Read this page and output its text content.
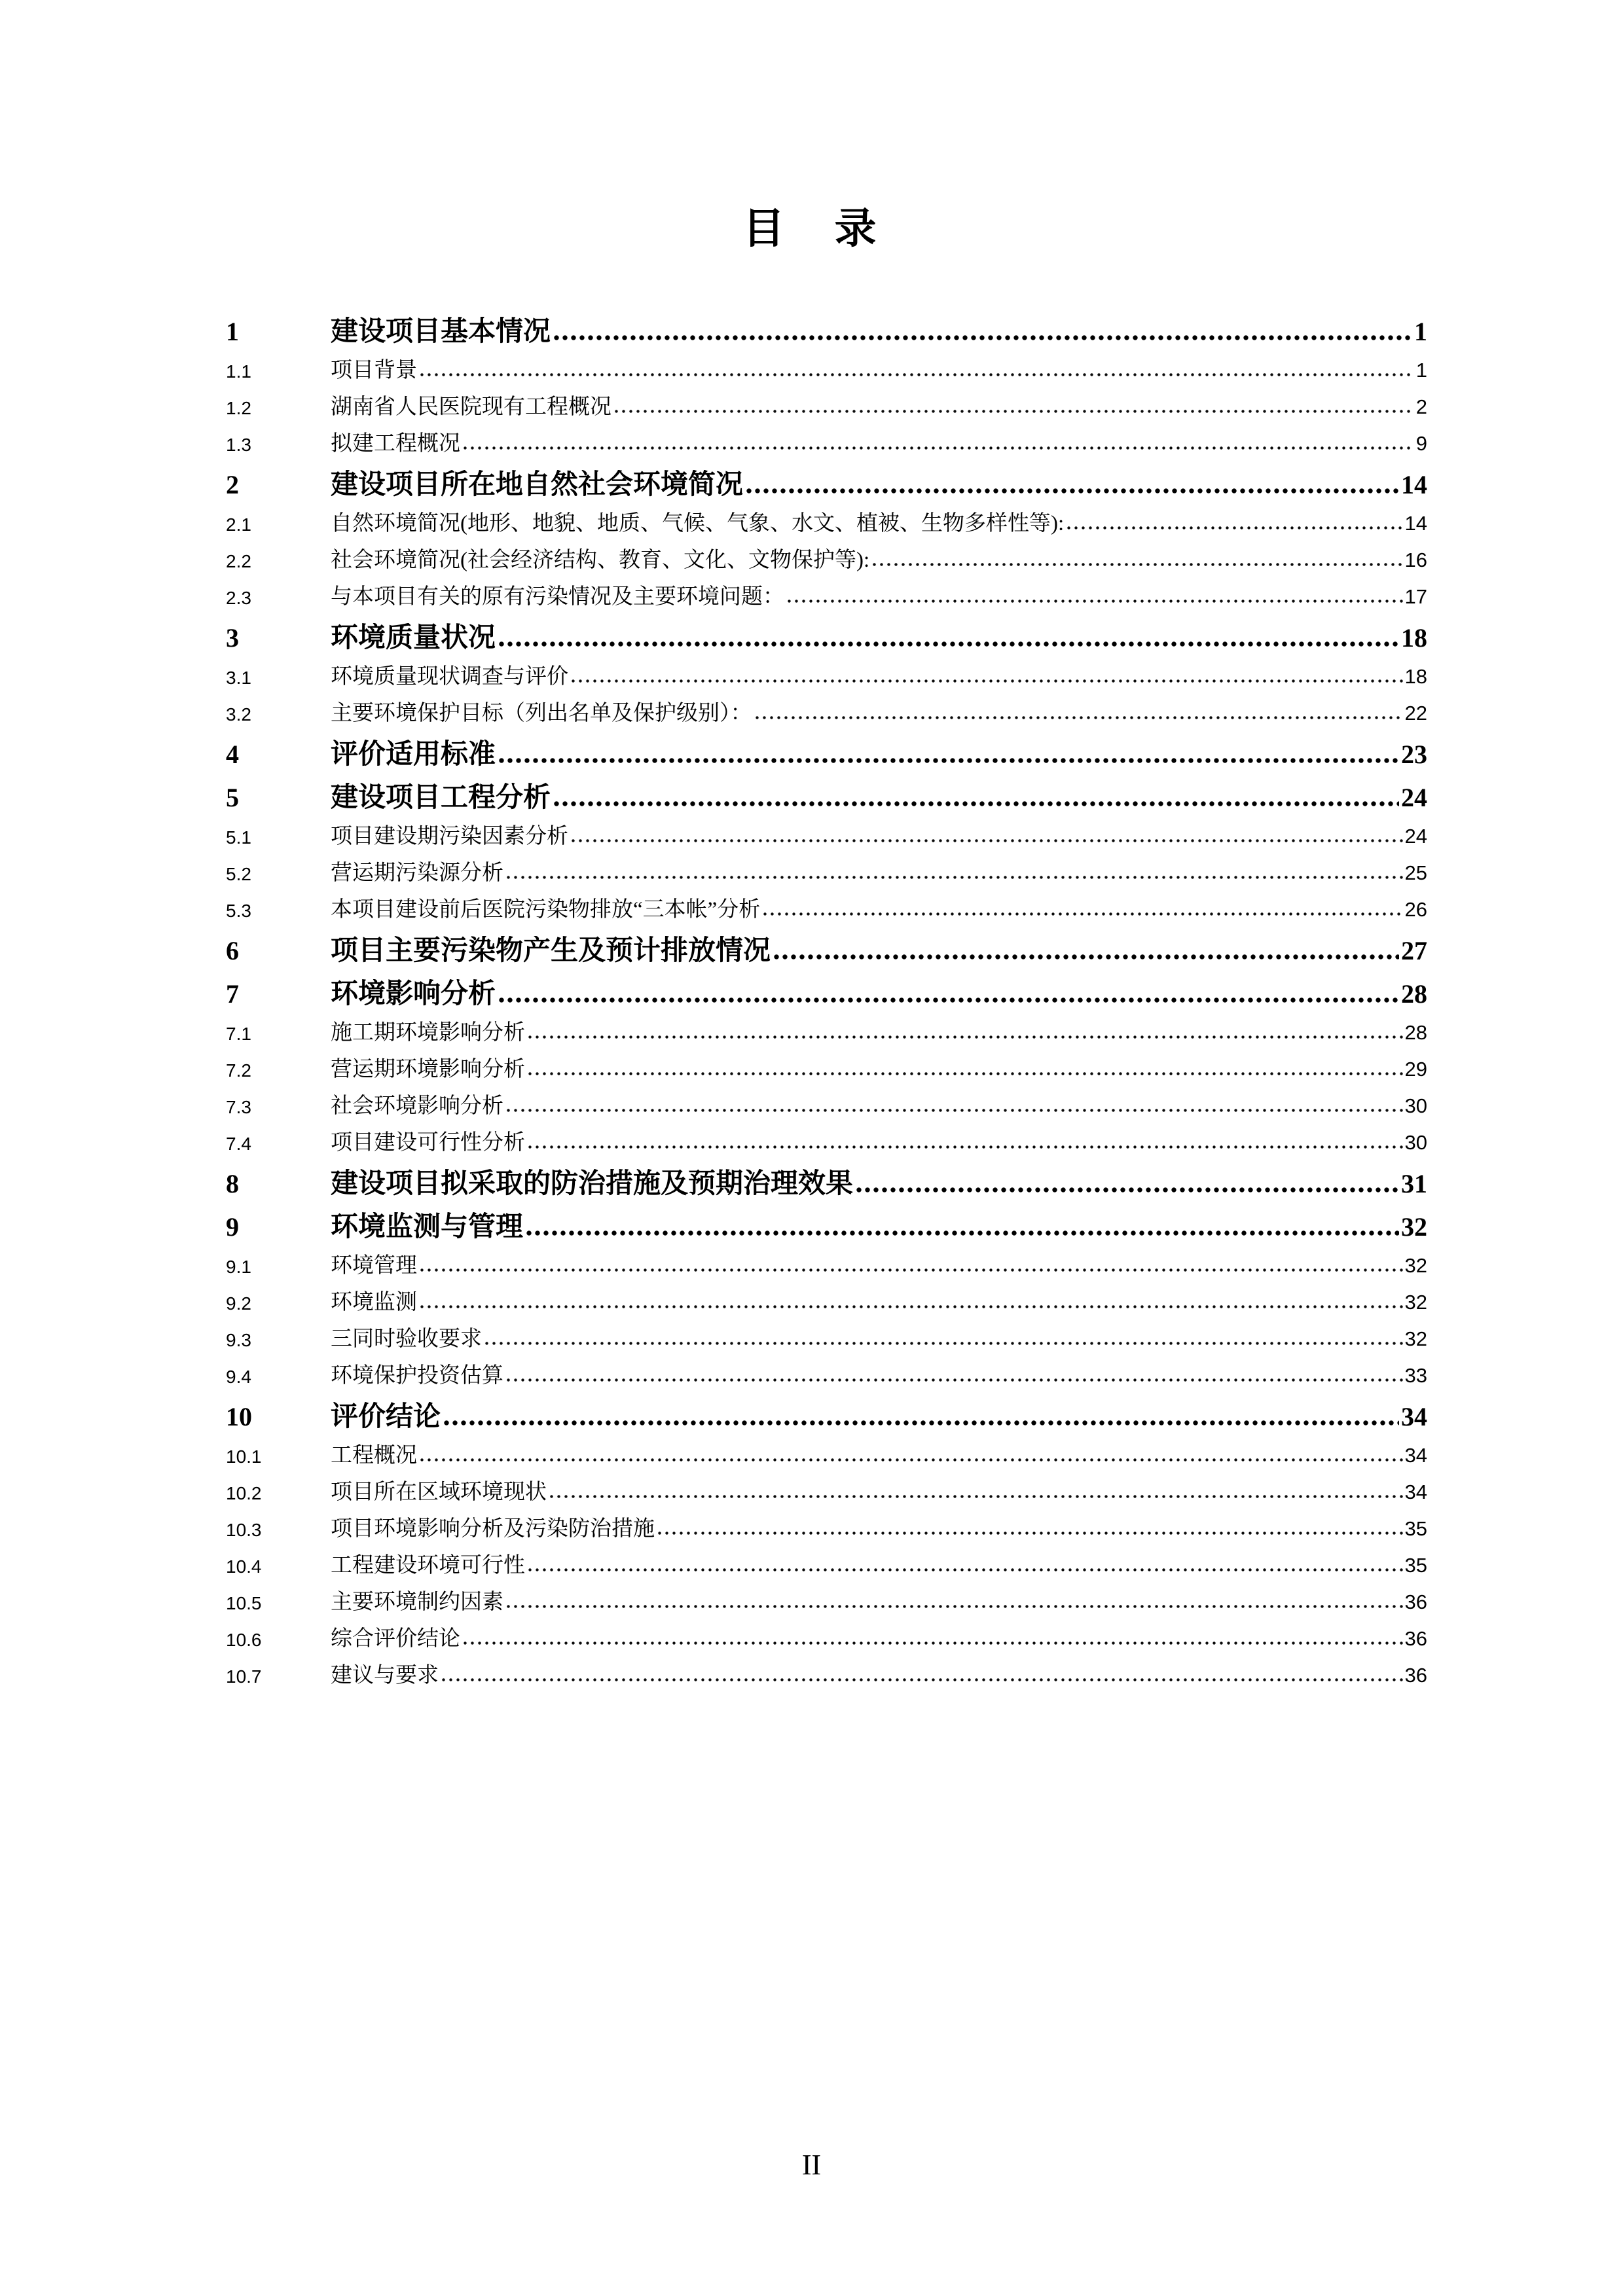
目　录
1	建设项目基本情况	1
1.1	项目背景	1
1.2	湖南省人民医院现有工程概况	2
1.3	拟建工程概况	9
2	建设项目所在地自然社会环境简况	14
2.1	自然环境简况(地形、地貌、地质、气候、气象、水文、植被、生物多样性等):	14
2.2	社会环境简况(社会经济结构、教育、文化、文物保护等):	16
2.3	与本项目有关的原有污染情况及主要环境问题：	17
3	环境质量状况	18
3.1	环境质量现状调查与评价	18
3.2	主要环境保护目标（列出名单及保护级别）：	22
4	评价适用标准	23
5	建设项目工程分析	24
5.1	项目建设期污染因素分析	24
5.2	营运期污染源分析	25
5.3	本项目建设前后医院污染物排放“三本帐”分析	26
6	项目主要污染物产生及预计排放情况	27
7	环境影响分析	28
7.1	施工期环境影响分析	28
7.2	营运期环境影响分析	29
7.3	社会环境影响分析	30
7.4	项目建设可行性分析	30
8	建设项目拟采取的防治措施及预期治理效果	31
9	环境监测与管理	32
9.1	环境管理	32
9.2	环境监测	32
9.3	三同时验收要求	32
9.4	环境保护投资估算	33
10	评价结论	34
10.1	工程概况	34
10.2	项目所在区域环境现状	34
10.3	项目环境影响分析及污染防治措施	35
10.4	工程建设环境可行性	35
10.5	主要环境制约因素	36
10.6	综合评价结论	36
10.7	建议与要求	36
II
